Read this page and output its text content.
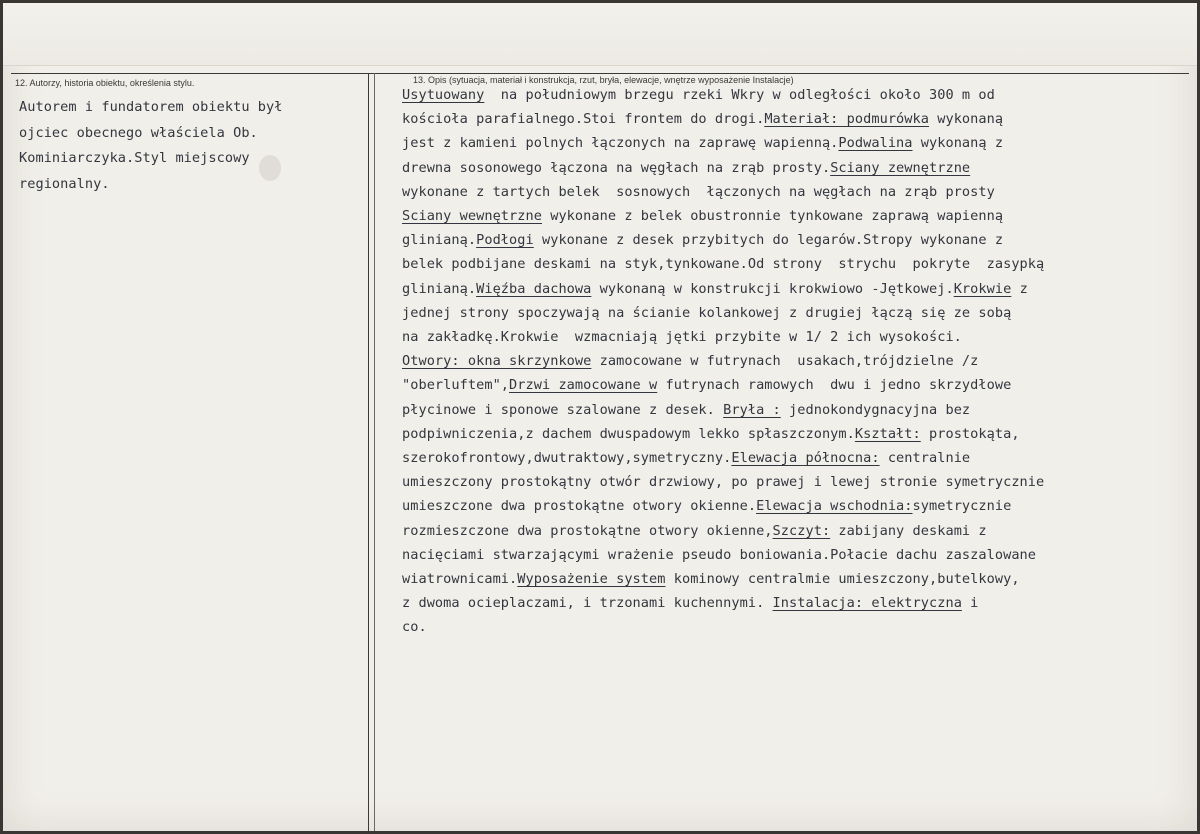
12. Autorzy, historia obiektu, określenia stylu.	13. Opis (sytuacja, materiał i konstrukcja, rzut, bryła, elewacje, wnętrze wyposażenie Instalacje)
Autorem i fundatorem obiektu był
ojciec obecnego właściela Ob.
Kominiarczyka.Styl miejscowy
regionalny.
Usytuowany  na południowym brzegu rzeki Wkry w odległości około 300 m od
kościoła parafialnego.Stoi frontem do drogi.Materiał: podmurówka wykonaną
jest z kamieni polnych łączonych na zaprawę wapienną.Podwalina wykonaną z
drewna sosonowego łączona na węgłach na zrąb prosty.Sciany zewnętrzne
wykonane z tartych belek  sosnowych  łączonych na węgłach na zrąb prosty
Sciany wewnętrzne wykonane z belek obustronnie tynkowane zaprawą wapienną
glinianą.Podłogi wykonane z desek przybitych do legarów.Stropy wykonane z
belek podbijane deskami na styk,tynkowane.Od strony  strychu  pokryte  zasypką
glinianą.Więźba dachowa wykonaną w konstrukcji krokwiowo -Jętkowej.Krokwie z
jednej strony spoczywają na ścianie kolankowej z drugiej łączą się ze sobą
na zakładkę.Krokwie  wzmacniają jętki przybite w 1/ 2 ich wysokości.
Otwory: okna skrzynkowe zamocowane w futrynach  usakach,trójdzielne /z
"oberluftem",Drzwi zamocowane w futrynach ramowych  dwu i jedno skrzydłowe
płycinowe i sponowe szalowane z desek. Bryła : jednokondygnacyjna bez
podpiwniczenia,z dachem dwuspadowym lekko spłaszczonym.Kształt: prostokąta,
szerokofrontowy,dwutraktowy,symetryczny.Elewacja północna: centralnie
umieszczony prostokątny otwór drzwiowy, po prawej i lewej stronie symetrycznie
umieszczone dwa prostokątne otwory okienne.Elewacja wschodnia:symetrycznie
rozmieszczone dwa prostokątne otwory okienne,Szczyt: zabijany deskami z
nacięciami stwarzającymi wrażenie pseudo boniowania.Połacie dachu zaszalowane
wiatrownicami.Wyposażenie system kominowy centralmie umieszczony,butelkowy,
z dwoma ocieplaczami, i trzonami kuchennymi. Instalacja: elektryczna i
co.
